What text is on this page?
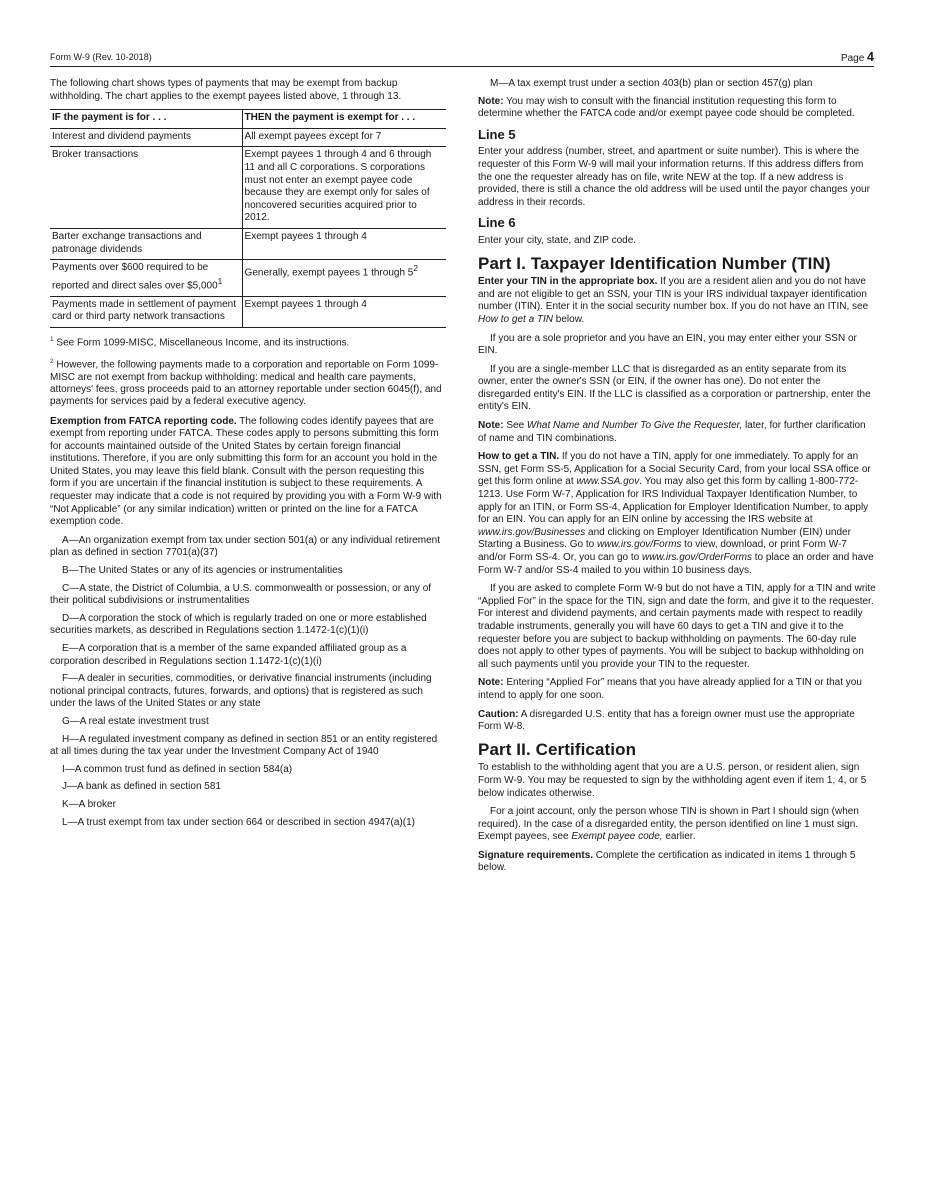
Form W-9 (Rev. 10-2018)	Page 4

The following chart shows types of payments that may be exempt from backup withholding. The chart applies to the exempt payees listed above, 1 through 13.

IF the payment is for . . .	THEN the payment is exempt for . . .
Interest and dividend payments	All exempt payees except for 7
Broker transactions	Exempt payees 1 through 4 and 6 through 11 and all C corporations. S corporations must not enter an exempt payee code because they are exempt only for sales of noncovered securities acquired prior to 2012.
Barter exchange transactions and patronage dividends	Exempt payees 1 through 4
Payments over $600 required to be reported and direct sales over $5,000$^1$	Generally, exempt payees 1 through $5^2$
Payments made in settlement of payment card or third party network transactions	Exempt payees 1 through 4
$^1$ See Form 1099-MISC, Miscellaneous Income, and its instructions.
$^2$ However, the following payments made to a corporation and reportable on Form 1099-MISC are not exempt from backup withholding: medical and health care payments, attorneys' fees, gross proceeds paid to an attorney reportable under section 6045(f), and payments for services paid by a federal executive agency.

Exemption from FATCA reporting code. The following codes identify payees that are exempt from reporting under FATCA. These codes apply to persons submitting this form for accounts maintained outside of the United States by certain foreign financial institutions. Therefore, if you are only submitting this form for an account you hold in the United States, you may leave this field blank. Consult with the person requesting this form if you are uncertain if the financial institution is subject to these requirements. A requester may indicate that a code is not required by providing you with a Form W-9 with “Not Applicable” (or any similar indication) written or printed on the line for a FATCA exemption code.

A—An organization exempt from tax under section 501(a) or any individual retirement plan as defined in section 7701(a)(37)

B—The United States or any of its agencies or instrumentalities

C—A state, the District of Columbia, a U.S. commonwealth or possession, or any of their political subdivisions or instrumentalities

D—A corporation the stock of which is regularly traded on one or more established securities markets, as described in Regulations section 1.1472-1(c)(1)(i)

E—A corporation that is a member of the same expanded affiliated group as a corporation described in Regulations section 1.1472-1(c)(1)(i)

F—A dealer in securities, commodities, or derivative financial instruments (including notional principal contracts, futures, forwards, and options) that is registered as such under the laws of the United States or any state

G—A real estate investment trust

H—A regulated investment company as defined in section 851 or an entity registered at all times during the tax year under the Investment Company Act of 1940

I—A common trust fund as defined in section 584(a)

J—A bank as defined in section 581

K—A broker

L—A trust exempt from tax under section 664 or described in section 4947(a)(1)

M—A tax exempt trust under a section 403(b) plan or section 457(g) plan

Note: You may wish to consult with the financial institution requesting this form to determine whether the FATCA code and/or exempt payee code should be completed.

Line 5

Enter your address (number, street, and apartment or suite number). This is where the requester of this Form W-9 will mail your information returns. If this address differs from the one the requester already has on file, write NEW at the top. If a new address is provided, there is still a chance the old address will be used until the payor changes your address in their records.

Line 6

Enter your city, state, and ZIP code.

Part I. Taxpayer Identification Number (TIN)

Enter your TIN in the appropriate box. If you are a resident alien and you do not have and are not eligible to get an SSN, your TIN is your IRS individual taxpayer identification number (ITIN). Enter it in the social security number box. If you do not have an ITIN, see How to get a TIN below.

If you are a sole proprietor and you have an EIN, you may enter either your SSN or EIN.

If you are a single-member LLC that is disregarded as an entity separate from its owner, enter the owner's SSN (or EIN, if the owner has one). Do not enter the disregarded entity's EIN. If the LLC is classified as a corporation or partnership, enter the entity's EIN.

Note: See What Name and Number To Give the Requester, later, for further clarification of name and TIN combinations.

How to get a TIN. If you do not have a TIN, apply for one immediately. To apply for an SSN, get Form SS-5, Application for a Social Security Card, from your local SSA office or get this form online at www.SSA.gov. You may also get this form by calling 1-800-772-1213. Use Form W-7, Application for IRS Individual Taxpayer Identification Number, to apply for an ITIN, or Form SS-4, Application for Employer Identification Number, to apply for an EIN. You can apply for an EIN online by accessing the IRS website at www.irs.gov/Businesses and clicking on Employer Identification Number (EIN) under Starting a Business. Go to www.irs.gov/Forms to view, download, or print Form W-7 and/or Form SS-4. Or, you can go to www.irs.gov/OrderForms to place an order and have Form W-7 and/or SS-4 mailed to you within 10 business days.

If you are asked to complete Form W-9 but do not have a TIN, apply for a TIN and write “Applied For” in the space for the TIN, sign and date the form, and give it to the requester. For interest and dividend payments, and certain payments made with respect to readily tradable instruments, generally you will have 60 days to get a TIN and give it to the requester before you are subject to backup withholding on payments. The 60-day rule does not apply to other types of payments. You will be subject to backup withholding on all such payments until you provide your TIN to the requester.

Note: Entering “Applied For” means that you have already applied for a TIN or that you intend to apply for one soon.

Caution: A disregarded U.S. entity that has a foreign owner must use the appropriate Form W-8.

Part II. Certification

To establish to the withholding agent that you are a U.S. person, or resident alien, sign Form W-9. You may be requested to sign by the withholding agent even if item 1, 4, or 5 below indicates otherwise.

For a joint account, only the person whose TIN is shown in Part I should sign (when required). In the case of a disregarded entity, the person identified on line 1 must sign. Exempt payees, see Exempt payee code, earlier.

Signature requirements. Complete the certification as indicated in items 1 through 5 below.
